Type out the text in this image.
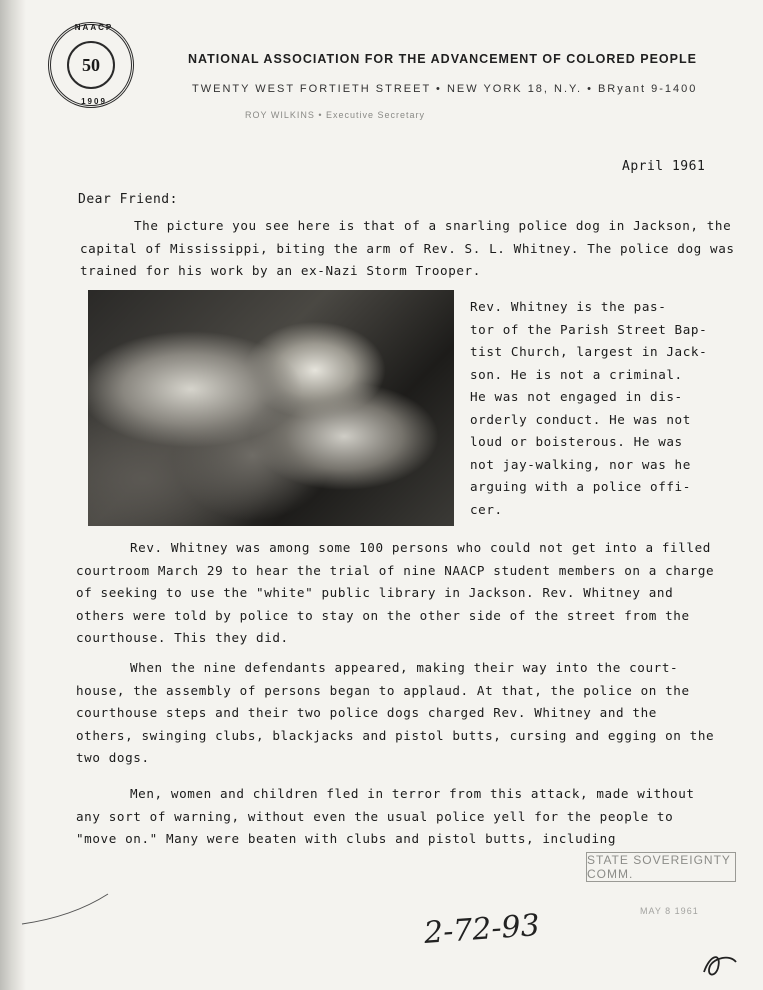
NAACP
50
1909
NATIONAL ASSOCIATION FOR THE ADVANCEMENT OF COLORED PEOPLE
TWENTY WEST FORTIETH STREET • NEW YORK 18, N.Y. • BRyant 9-1400
ROY WILKINS • Executive Secretary
April 1961
Dear Friend:
The picture you see here is that of a snarling police dog in Jackson, the capital of Mississippi, biting the arm of Rev. S. L. Whitney. The police dog was trained for his work by an ex-Nazi Storm Trooper.
Rev. Whitney is the pas-
tor of the Parish Street Bap-
tist Church, largest in Jack-
son. He is not a criminal.
He was not engaged in dis-
orderly conduct. He was not
loud or boisterous. He was
not jay-walking, nor was he
arguing with a police offi-
cer.
Rev. Whitney was among some 100 persons who could not get into a filled courtroom March 29 to hear the trial of nine NAACP student members on a charge of seeking to use the "white" public library in Jackson. Rev. Whitney and others were told by police to stay on the other side of the street from the courthouse. This they did.
When the nine defendants appeared, making their way into the court-house, the assembly of persons began to applaud. At that, the police on the courthouse steps and their two police dogs charged Rev. Whitney and the others, swinging clubs, blackjacks and pistol butts, cursing and egging on the two dogs.
Men, women and children fled in terror from this attack, made without any sort of warning, without even the usual police yell for the people to "move on." Many were beaten with clubs and pistol butts, including
STATE SOVEREIGNTY COMM.
MAY 8 1961
2-72-93
